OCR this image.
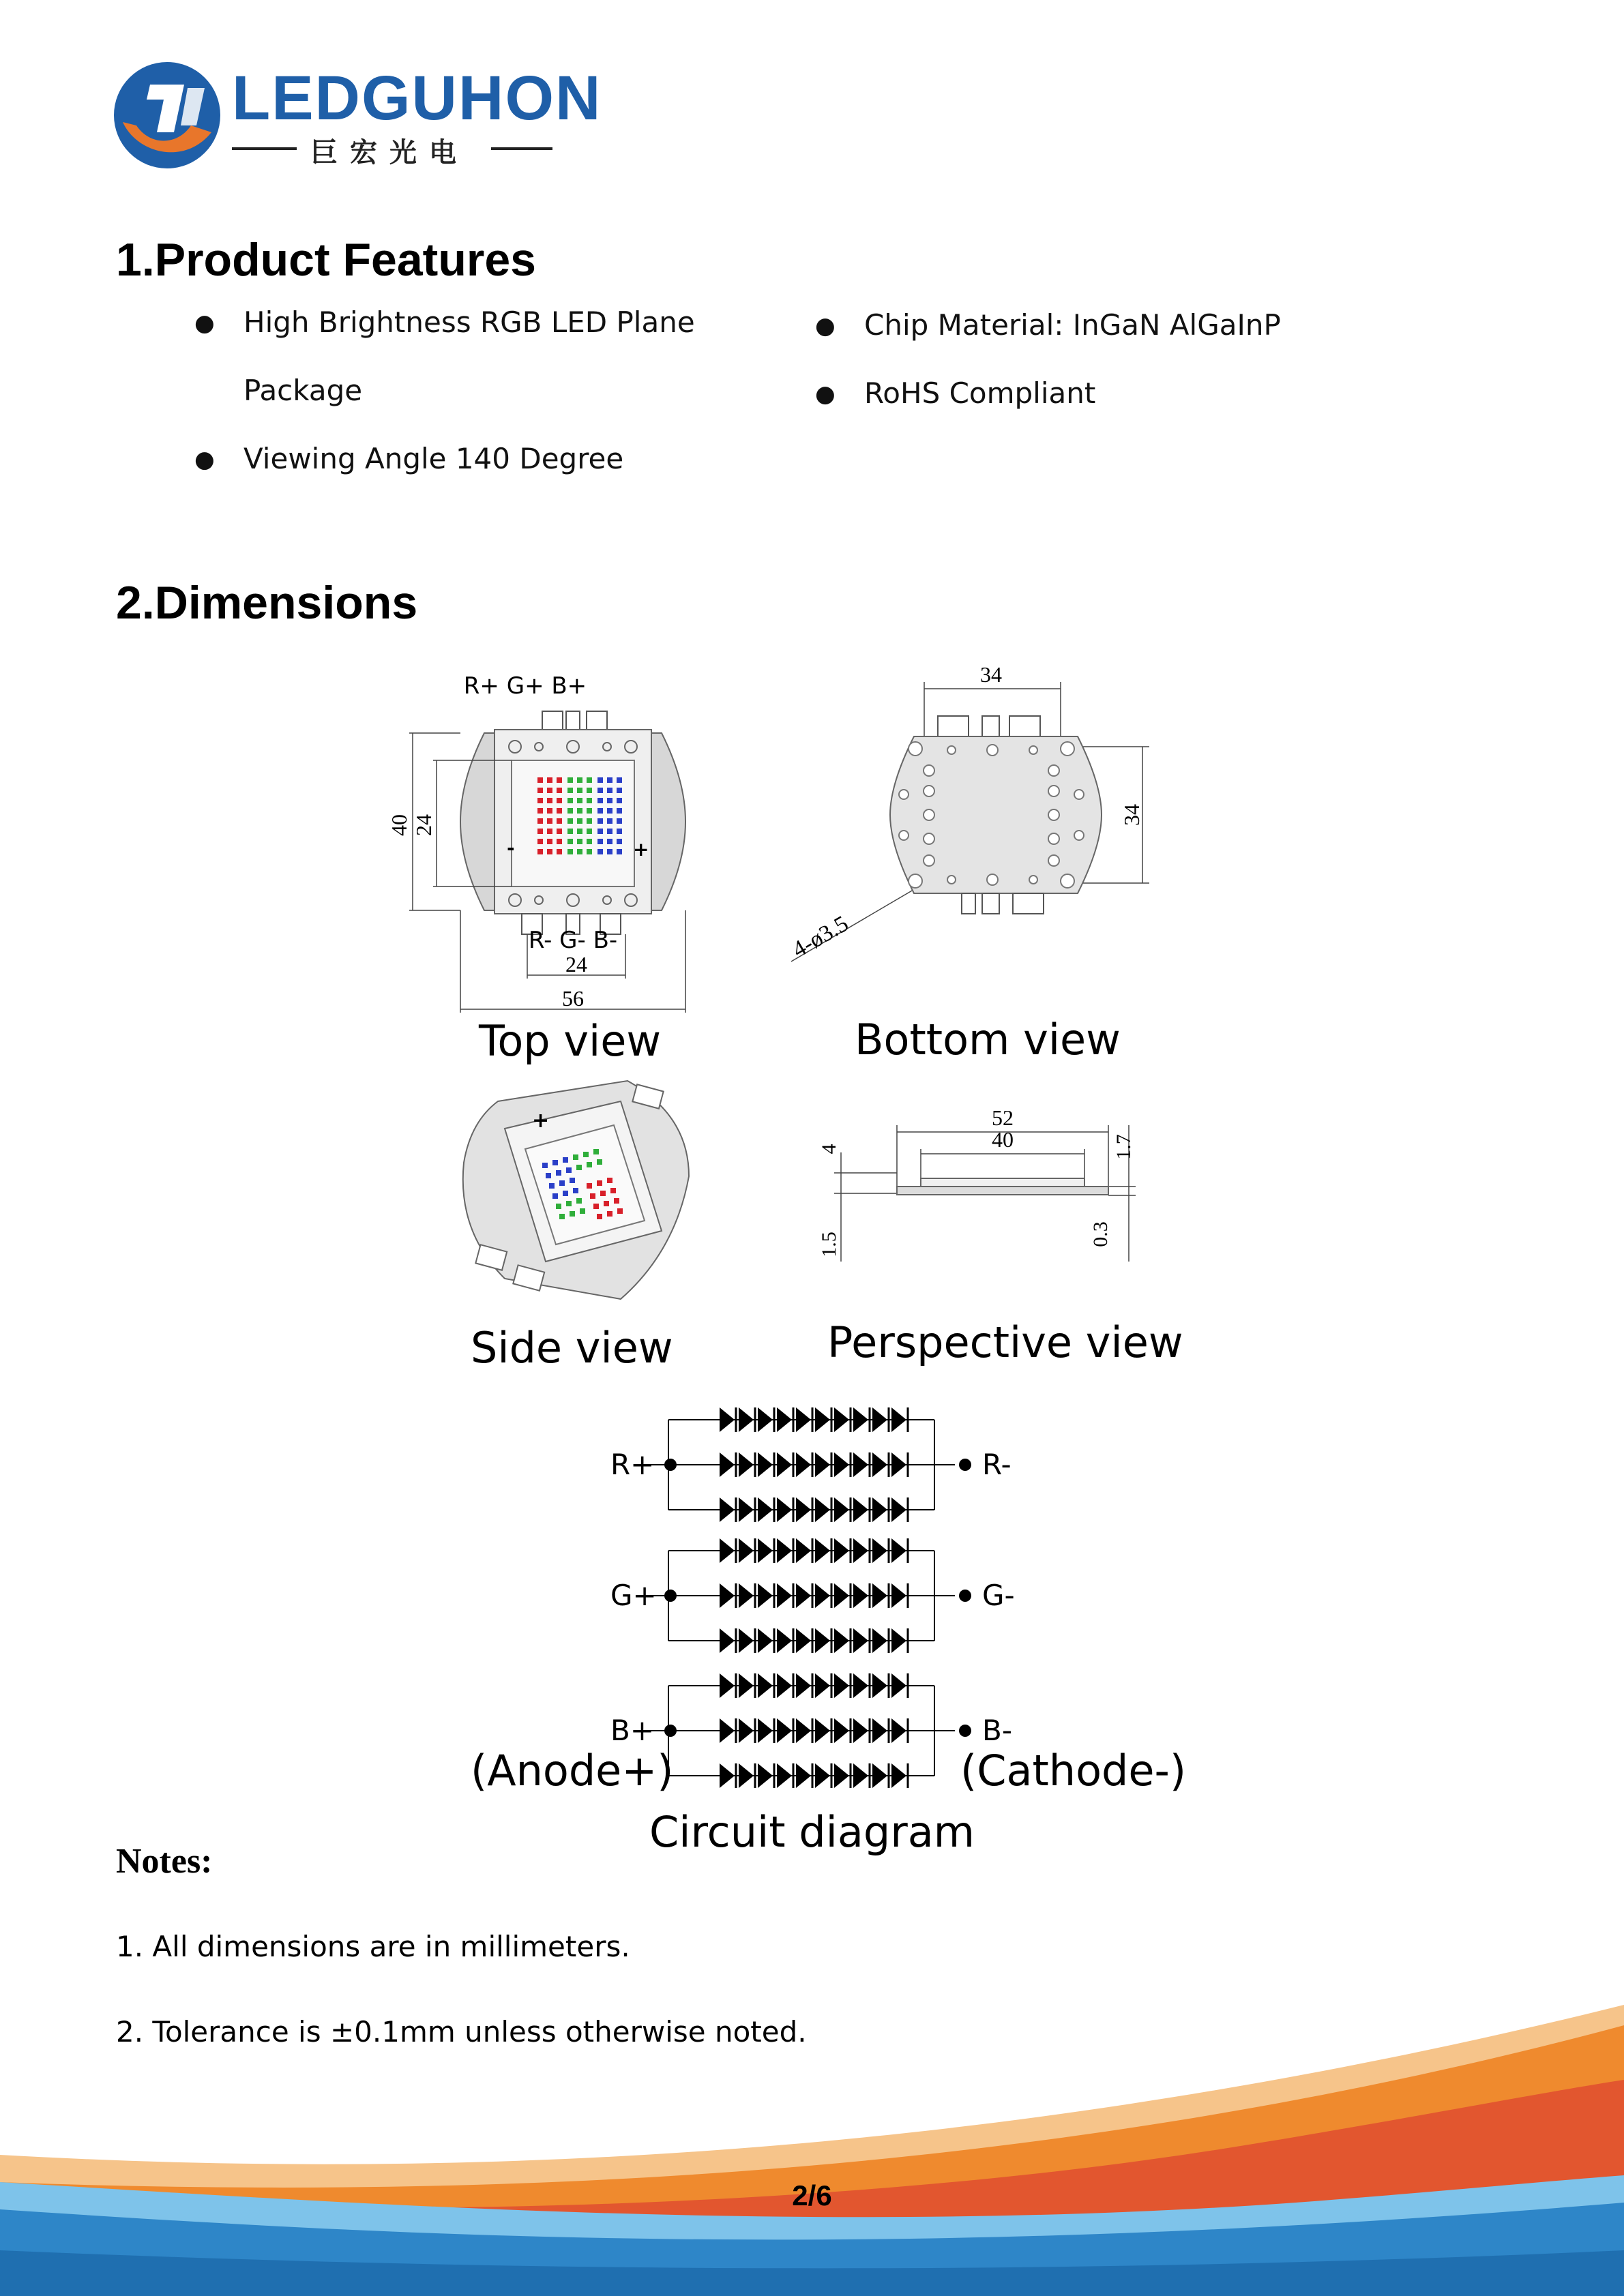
LEDGUHON
巨宏光电
1.Product Features
● High Brightness RGB LED Plane
Package
● Viewing Angle 140 Degree
● Chip Material: InGaN AlGaInP
● RoHS Compliant
2.Dimensions
R+ G+ B+
-	+
R- G- B-
40 24
24
56
Top view
34
34
4-ø3.5
Bottom view
+
Side view
52
40
4	1.7
1.5	0.3
Perspective view
R+	R-
G+	G-
B+	B-
(Anode+)	(Cathode-)
Circuit diagram
Notes:
1. All dimensions are in millimeters.
2. Tolerance is ±0.1mm unless otherwise noted.
2/6
